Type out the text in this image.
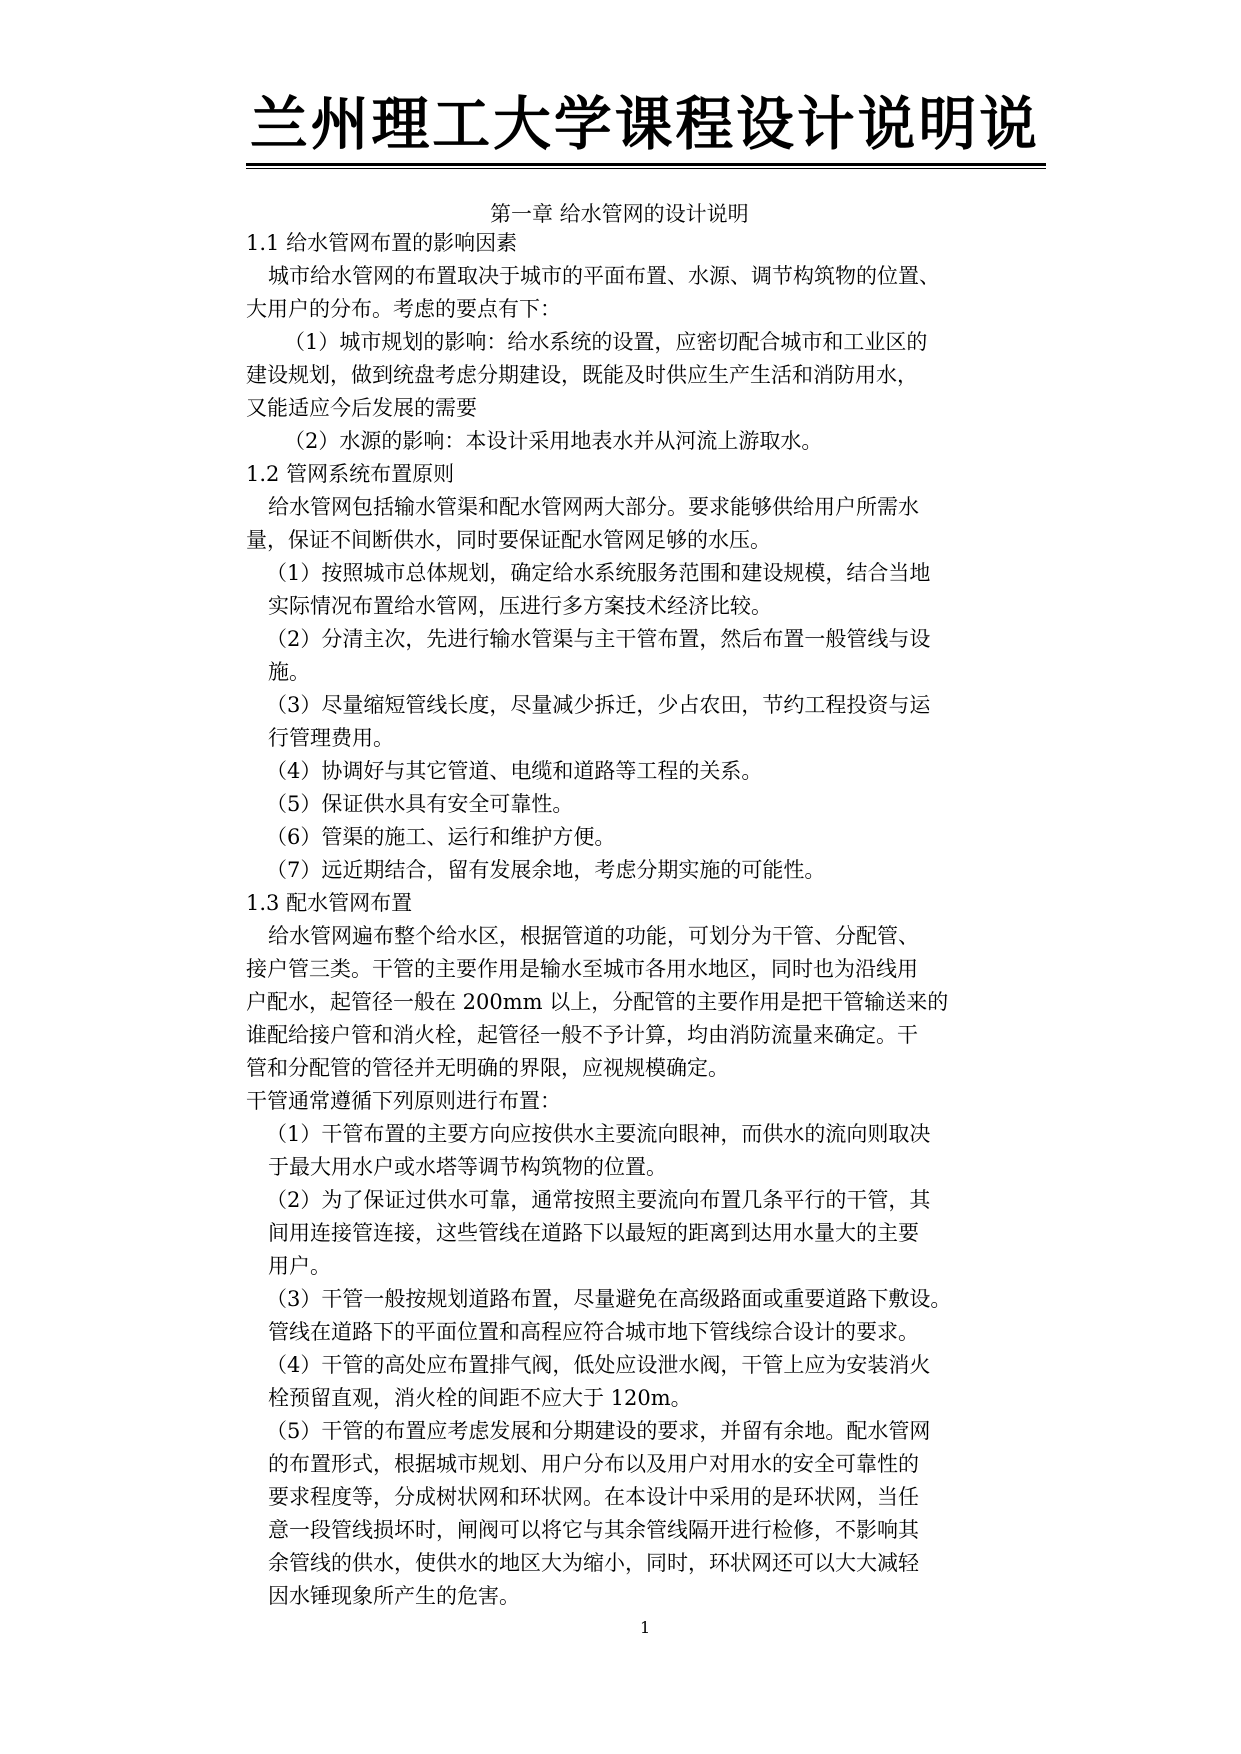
兰州理工大学课程设计说明说
第一章 给水管网的设计说明
1.1 给水管网布置的影响因素
城市给水管网的布置取决于城市的平面布置、水源、调节构筑物的位置、
大用户的分布。考虑的要点有下：
（1）城市规划的影响：给水系统的设置，应密切配合城市和工业区的
建设规划，做到统盘考虑分期建设，既能及时供应生产生活和消防用水，
又能适应今后发展的需要
（2）水源的影响：本设计采用地表水并从河流上游取水。
1.2 管网系统布置原则
给水管网包括输水管渠和配水管网两大部分。要求能够供给用户所需水
量，保证不间断供水，同时要保证配水管网足够的水压。
（1）按照城市总体规划，确定给水系统服务范围和建设规模，结合当地
实际情况布置给水管网，压进行多方案技术经济比较。
（2）分清主次，先进行输水管渠与主干管布置，然后布置一般管线与设
施。
（3）尽量缩短管线长度，尽量减少拆迁，少占农田，节约工程投资与运
行管理费用。
（4）协调好与其它管道、电缆和道路等工程的关系。
（5）保证供水具有安全可靠性。
（6）管渠的施工、运行和维护方便。
（7）远近期结合，留有发展余地，考虑分期实施的可能性。
1.3 配水管网布置
给水管网遍布整个给水区，根据管道的功能，可划分为干管、分配管、
接户管三类。干管的主要作用是输水至城市各用水地区，同时也为沿线用
户配水，起管径一般在 200mm 以上，分配管的主要作用是把干管输送来的
谁配给接户管和消火栓，起管径一般不予计算，均由消防流量来确定。干
管和分配管的管径并无明确的界限，应视规模确定。
干管通常遵循下列原则进行布置：
（1）干管布置的主要方向应按供水主要流向眼神，而供水的流向则取决
于最大用水户或水塔等调节构筑物的位置。
（2）为了保证过供水可靠，通常按照主要流向布置几条平行的干管，其
间用连接管连接，这些管线在道路下以最短的距离到达用水量大的主要
用户。
（3）干管一般按规划道路布置，尽量避免在高级路面或重要道路下敷设。
管线在道路下的平面位置和高程应符合城市地下管线综合设计的要求。
（4）干管的高处应布置排气阀，低处应设泄水阀，干管上应为安装消火
栓预留直观，消火栓的间距不应大于 120m。
（5）干管的布置应考虑发展和分期建设的要求，并留有余地。配水管网
的布置形式，根据城市规划、用户分布以及用户对用水的安全可靠性的
要求程度等，分成树状网和环状网。在本设计中采用的是环状网，当任
意一段管线损坏时，闸阀可以将它与其余管线隔开进行检修，不影响其
余管线的供水，使供水的地区大为缩小，同时，环状网还可以大大减轻
因水锤现象所产生的危害。
1
